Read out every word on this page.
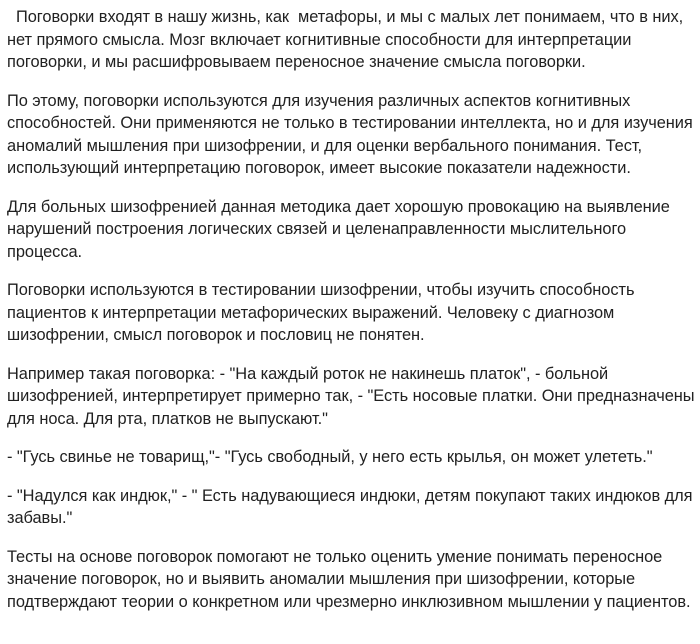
Поговорки входят в нашу жизнь, как  метафоры, и мы с малых лет понимаем, что в них, нет прямого смысла. Мозг включает когнитивные способности для интерпретации поговорки, и мы расшифровываем переносное значение смысла поговорки.

По этому, поговорки используются для изучения различных аспектов когнитивных способностей. Они применяются не только в тестировании интеллекта, но и для изучения аномалий мышления при шизофрении, и для оценки вербального понимания. Тест, использующий интерпретацию поговорок, имеет высокие показатели надежности.

Для больных шизофренией данная методика дает хорошую провокацию на выявление нарушений построения логических связей и целенаправленности мыслительного процесса.

Поговорки используются в тестировании шизофрении, чтобы изучить способность пациентов к интерпретации метафорических выражений. Человеку с диагнозом шизофрении, смысл поговорок и пословиц не понятен.

Например такая поговорка: - "На каждый роток не накинешь платок", - больной шизофренией, интерпретирует примерно так, - "Есть носовые платки. Они предназначены для носа. Для рта, платков не выпускают."

- "Гусь свинье не товарищ,"- "Гусь свободный, у него есть крылья, он может улететь."

- "Надулся как индюк," - " Есть надувающиеся индюки, детям покупают таких индюков для забавы."

Тесты на основе поговорок помогают не только оценить умение понимать переносное значение поговорок, но и выявить аномалии мышления при шизофрении, которые подтверждают теории о конкретном или чрезмерно инклюзивном мышлении у пациентов.
